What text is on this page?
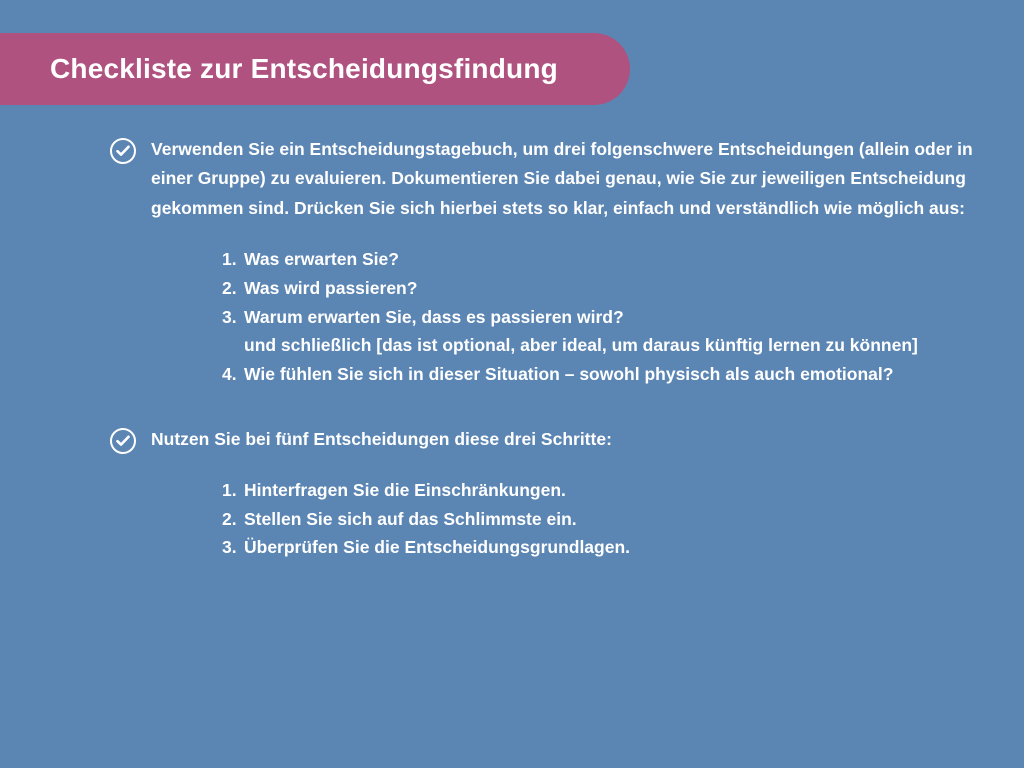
Checkliste zur Entscheidungsfindung
Verwenden Sie ein Entscheidungstagebuch, um drei folgenschwere Entscheidungen (allein oder in einer Gruppe) zu evaluieren. Dokumentieren Sie dabei genau, wie Sie zur jeweiligen Entscheidung gekommen sind. Drücken Sie sich hierbei stets so klar, einfach und verständlich wie möglich aus:
1. Was erwarten Sie?
2. Was wird passieren?
3. Warum erwarten Sie, dass es passieren wird?
und schließlich [das ist optional, aber ideal, um daraus künftig lernen zu können]
4. Wie fühlen Sie sich in dieser Situation – sowohl physisch als auch emotional?
Nutzen Sie bei fünf Entscheidungen diese drei Schritte:
1. Hinterfragen Sie die Einschränkungen.
2. Stellen Sie sich auf das Schlimmste ein.
3. Überprüfen Sie die Entscheidungsgrundlagen.
